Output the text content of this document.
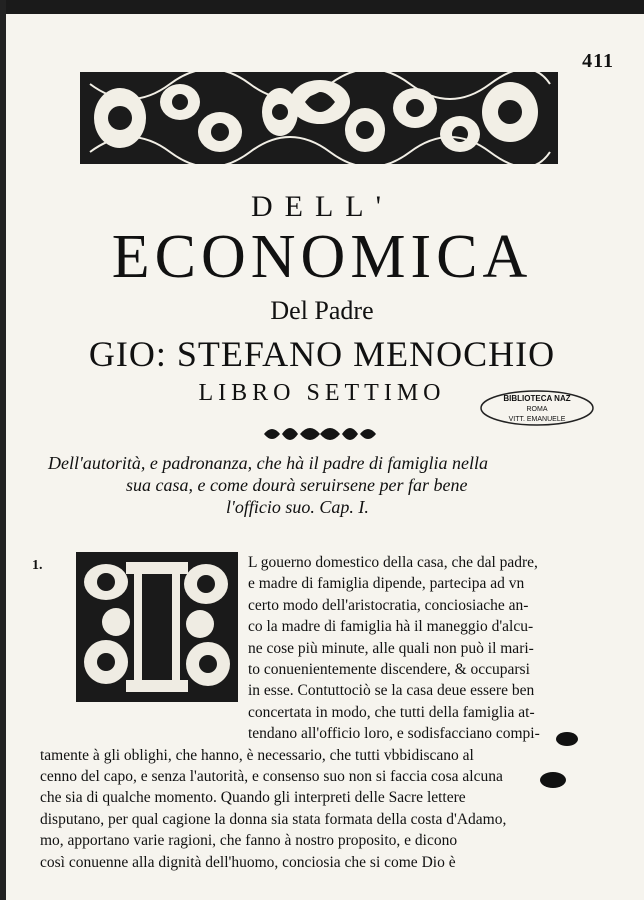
411
DELL'
ECONOMICA
Del Padre
GIO: STEFANO MENOCHIO
LIBRO SETTIMO	BIBLIOTECA NAZ
ROMA
VITT. EMANUELE
Dell'autorità, e padronanza, che hà il padre di famiglia nella
sua casa, e come dourà seruirsene per far bene
l'officio suo. Cap. I.
1.	L gouerno domestico della casa, che dal padre,
e madre di famiglia dipende, partecipa ad vn
certo modo dell'aristocratia, conciosiache an-
co la madre di famiglia hà il maneggio d'alcu-
ne cose più minute, alle quali non può il mari-
to conuenientemente discendere, & occuparsi
in esse. Contuttociò se la casa deue essere ben
concertata in modo, che tutti della famiglia at-
tendano all'officio loro, e sodisfacciano compi-
tamente à gli oblighi, che hanno, è necessario, che tutti vbbidiscano al
cenno del capo, e senza l'autorità, e consenso suo non si faccia cosa alcuna
che sia di qualche momento. Quando gli interpreti delle Sacre lettere
disputano, per qual cagione la donna sia stata formata della costa d'Adamo,
mo, apportano varie ragioni, che fanno à nostro proposito, e dicono
così conuenne alla dignità dell'huomo, conciosia che si come Dio è
